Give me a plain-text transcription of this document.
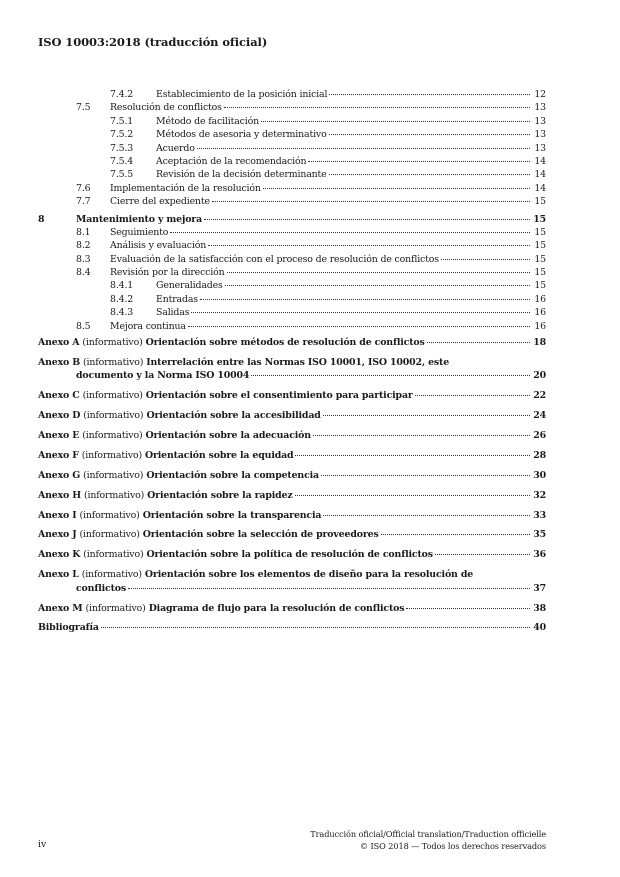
ISO 10003:2018 (traducción oficial)
7.4.2 Establecimiento de la posición inicial	12
7.5 Resolución de conflictos	13
7.5.1 Método de facilitación	13
7.5.2 Métodos de asesoria y determinativo	13
7.5.3 Acuerdo	13
7.5.4 Aceptación de la recomendación	14
7.5.5 Revisión de la decisión determinante	14
7.6 Implementación de la resolución	14
7.7 Cierre del expediente	15
8	Mantenimiento y mejora	15
8.1 Seguimiento	15
8.2 Análisis y evaluación	15
8.3 Evaluación de la satisfacción con el proceso de resolución de conflictos	15
8.4 Revisión por la dirección	15
8.4.1 Generalidades	15
8.4.2 Entradas	16
8.4.3 Salidas	16
8.5 Mejora continua	16
Anexo A (informativo) Orientación sobre métodos de resolución de conflictos	18
Anexo B (informativo) Interrelación entre las Normas ISO 10001, ISO 10002, este
documento y la Norma ISO 10004	20
Anexo C (informativo) Orientación sobre el consentimiento para participar	22
Anexo D (informativo) Orientación sobre la accesibilidad	24
Anexo E (informativo) Orientación sobre la adecuación	26
Anexo F (informativo) Orientación sobre la equidad	28
Anexo G (informativo) Orientación sobre la competencia	30
Anexo H (informativo) Orientación sobre la rapidez	32
Anexo I (informativo) Orientación sobre la transparencia	33
Anexo J (informativo) Orientación sobre la selección de proveedores	35
Anexo K (informativo) Orientación sobre la política de resolución de conflictos	36
Anexo L (informativo) Orientación sobre los elementos de diseño para la resolución de
conflictos	37
Anexo M (informativo) Diagrama de flujo para la resolución de conflictos	38
Bibliografía	40
Traducción oficial/Official translation/Traduction officielle
© ISO 2018 — Todos los derechos reservados
iv
